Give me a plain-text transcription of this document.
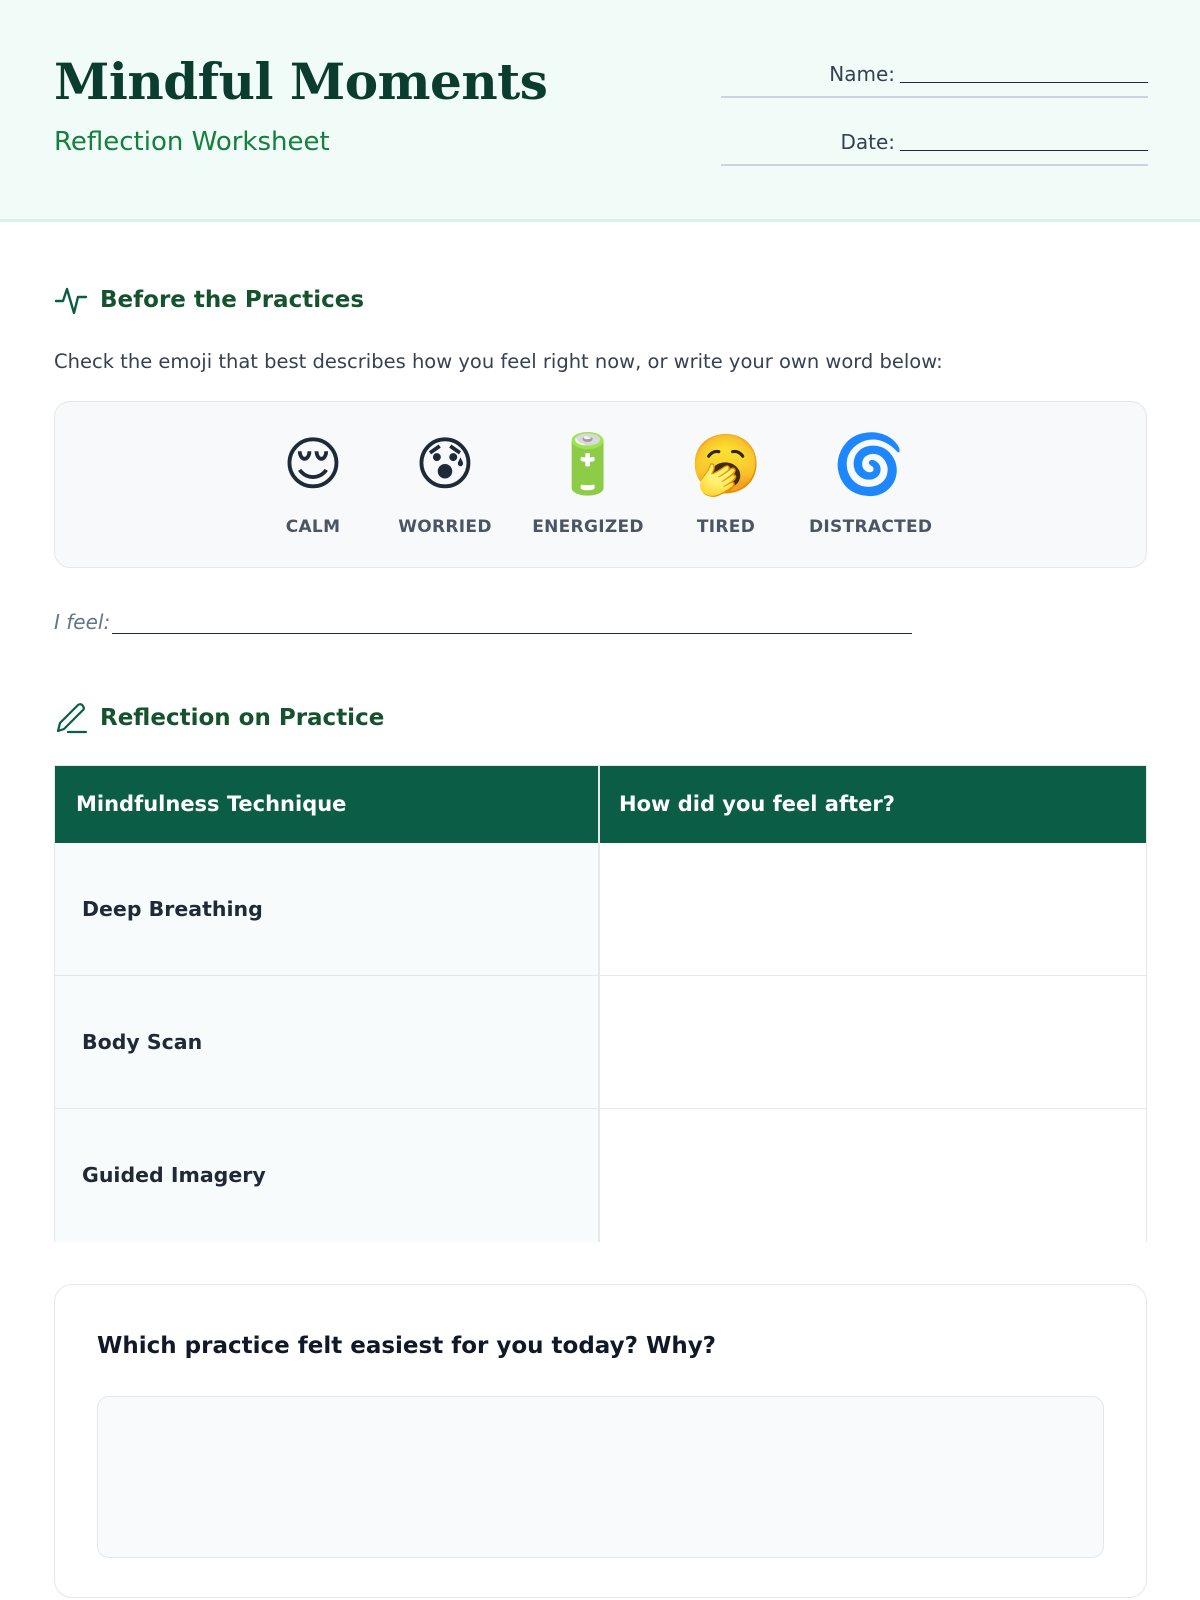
Mindful Moments
Reflection Worksheet
Name:
Date:
Before the Practices
Check the emoji that best describes how you feel right now, or write your own word below:
😌
CALM
😰
WORRIED
🔋
ENERGIZED
🥱
TIRED
🌀
DISTRACTED
I feel:
Reflection on Practice
Mindfulness Technique	How did you feel after?
Deep Breathing
Body Scan
Guided Imagery
Which practice felt easiest for you today? Why?
